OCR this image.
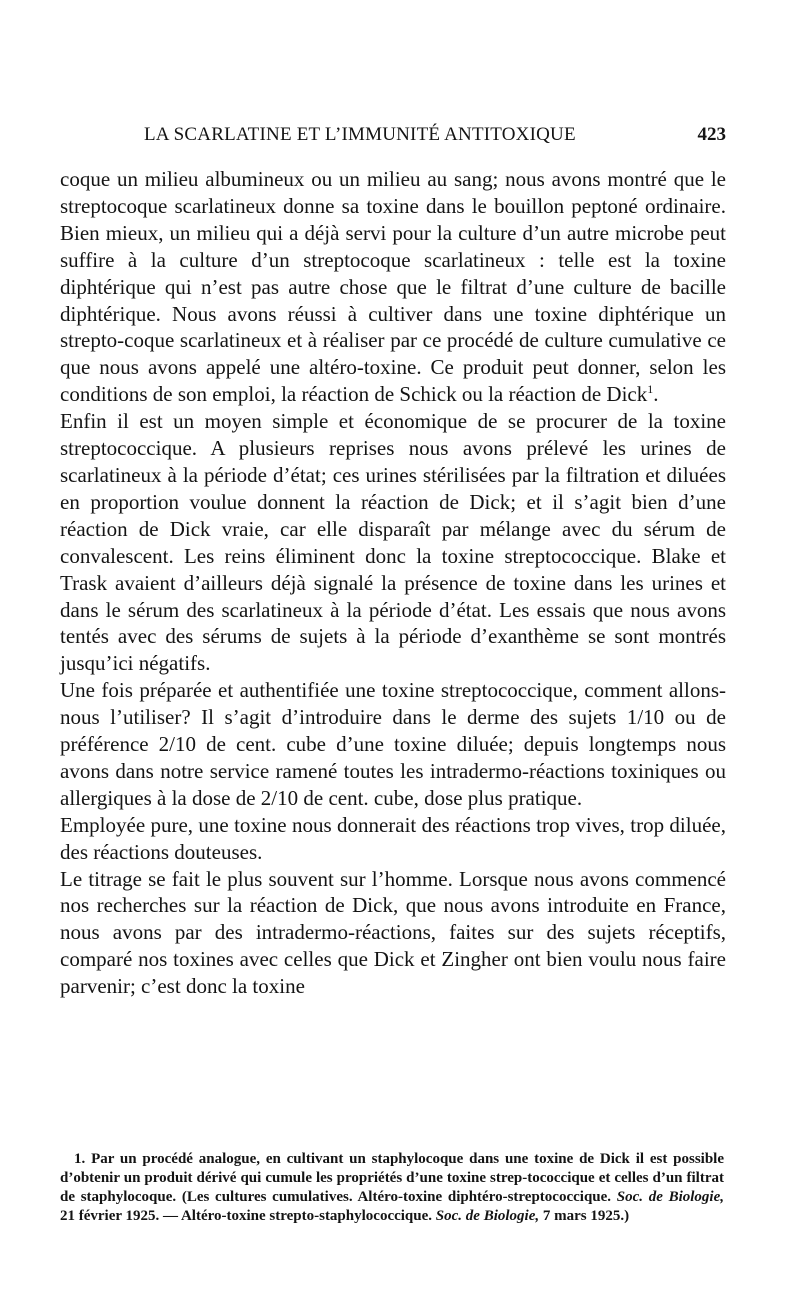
LA SCARLATINE ET L’IMMUNITÉ ANTITOXIQUE	423

coque un milieu albumineux ou un milieu au sang; nous avons montré que le streptocoque scarlatineux donne sa toxine dans le bouillon peptoné ordinaire. Bien mieux, un milieu qui a déjà servi pour la culture d’un autre microbe peut suffire à la culture d’un streptocoque scarlatineux : telle est la toxine diphtérique qui n’est pas autre chose que le filtrat d’une culture de bacille diphtérique. Nous avons réussi à cultiver dans une toxine diphtérique un strepto-coque scarlatineux et à réaliser par ce procédé de culture cumulative ce que nous avons appelé une altéro-toxine. Ce produit peut donner, selon les conditions de son emploi, la réaction de Schick ou la réaction de Dick$^1$.

Enfin il est un moyen simple et économique de se procurer de la toxine streptococcique. A plusieurs reprises nous avons prélevé les urines de scarlatineux à la période d’état; ces urines stérilisées par la filtration et diluées en proportion voulue donnent la réaction de Dick; et il s’agit bien d’une réaction de Dick vraie, car elle disparaît par mélange avec du sérum de convalescent. Les reins éliminent donc la toxine streptococcique. Blake et Trask avaient d’ailleurs déjà signalé la présence de toxine dans les urines et dans le sérum des scarlatineux à la période d’état. Les essais que nous avons tentés avec des sérums de sujets à la période d’exanthème se sont montrés jusqu’ici négatifs.

Une fois préparée et authentifiée une toxine streptococcique, comment allons-nous l’utiliser? Il s’agit d’introduire dans le derme des sujets 1/10 ou de préférence 2/10 de cent. cube d’une toxine diluée; depuis longtemps nous avons dans notre service ramené toutes les intradermo-réactions toxiniques ou allergiques à la dose de 2/10 de cent. cube, dose plus pratique.

Employée pure, une toxine nous donnerait des réactions trop vives, trop diluée, des réactions douteuses.

Le titrage se fait le plus souvent sur l’homme. Lorsque nous avons commencé nos recherches sur la réaction de Dick, que nous avons introduite en France, nous avons par des intradermo-réactions, faites sur des sujets réceptifs, comparé nos toxines avec celles que Dick et Zingher ont bien voulu nous faire parvenir; c’est donc la toxine

1. Par un procédé analogue, en cultivant un staphylocoque dans une toxine de Dick il est possible d’obtenir un produit dérivé qui cumule les propriétés d’une toxine strep-tococcique et celles d’un filtrat de staphylocoque. (Les cultures cumulatives. Altéro-toxine diphtéro-streptococcique. Soc. de Biologie, 21 février 1925. — Altéro-toxine strepto-staphylococcique. Soc. de Biologie, 7 mars 1925.)
